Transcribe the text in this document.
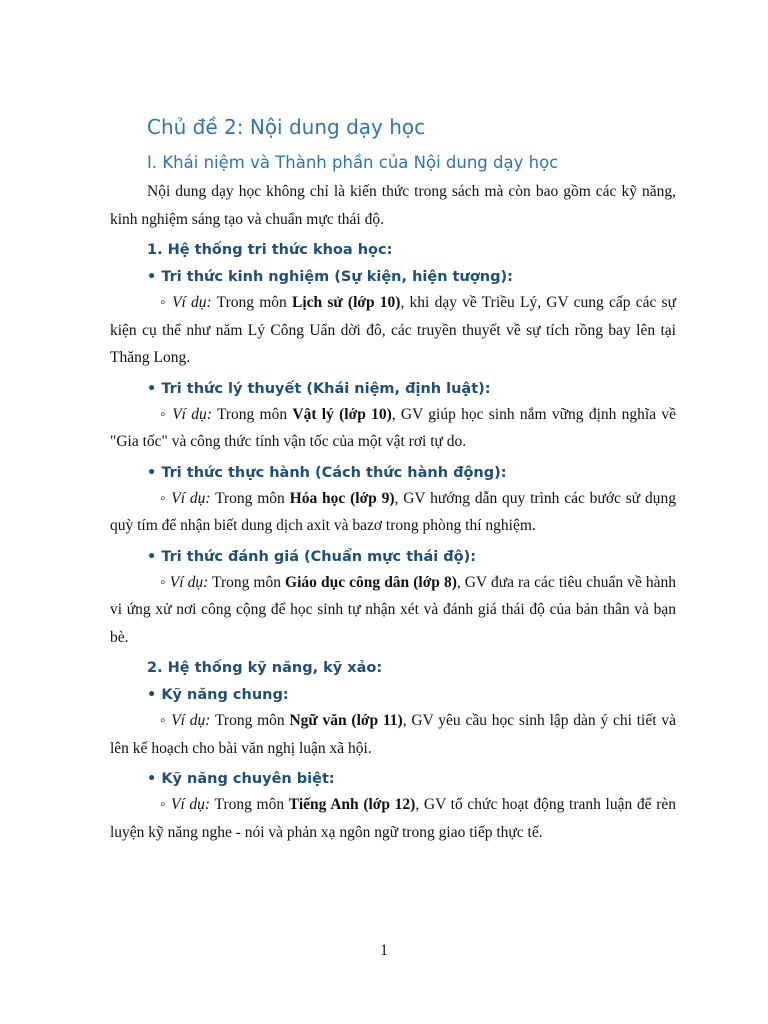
Chủ đề 2: Nội dung dạy học
I. Khái niệm và Thành phần của Nội dung dạy học
Nội dung dạy học không chỉ là kiến thức trong sách mà còn bao gồm các kỹ năng, kinh nghiệm sáng tạo và chuẩn mực thái độ.
1. Hệ thống tri thức khoa học:
• Tri thức kinh nghiệm (Sự kiện, hiện tượng):
◦ Ví dụ: Trong môn Lịch sử (lớp 10), khi dạy về Triều Lý, GV cung cấp các sự kiện cụ thể như năm Lý Công Uẩn dời đô, các truyền thuyết về sự tích rồng bay lên tại Thăng Long.
• Tri thức lý thuyết (Khái niệm, định luật):
◦ Ví dụ: Trong môn Vật lý (lớp 10), GV giúp học sinh nắm vững định nghĩa về "Gia tốc" và công thức tính vận tốc của một vật rơi tự do.
• Tri thức thực hành (Cách thức hành động):
◦ Ví dụ: Trong môn Hóa học (lớp 9), GV hướng dẫn quy trình các bước sử dụng quỳ tím để nhận biết dung dịch axit và bazơ trong phòng thí nghiệm.
• Tri thức đánh giá (Chuẩn mực thái độ):
◦ Ví dụ: Trong môn Giáo dục công dân (lớp 8), GV đưa ra các tiêu chuẩn về hành vi ứng xử nơi công cộng để học sinh tự nhận xét và đánh giá thái độ của bản thân và bạn bè.
2. Hệ thống kỹ năng, kỹ xảo:
• Kỹ năng chung:
◦ Ví dụ: Trong môn Ngữ văn (lớp 11), GV yêu cầu học sinh lập dàn ý chi tiết và lên kế hoạch cho bài văn nghị luận xã hội.
• Kỹ năng chuyên biệt:
◦ Ví dụ: Trong môn Tiếng Anh (lớp 12), GV tổ chức hoạt động tranh luận để rèn luyện kỹ năng nghe - nói và phản xạ ngôn ngữ trong giao tiếp thực tế.
1
